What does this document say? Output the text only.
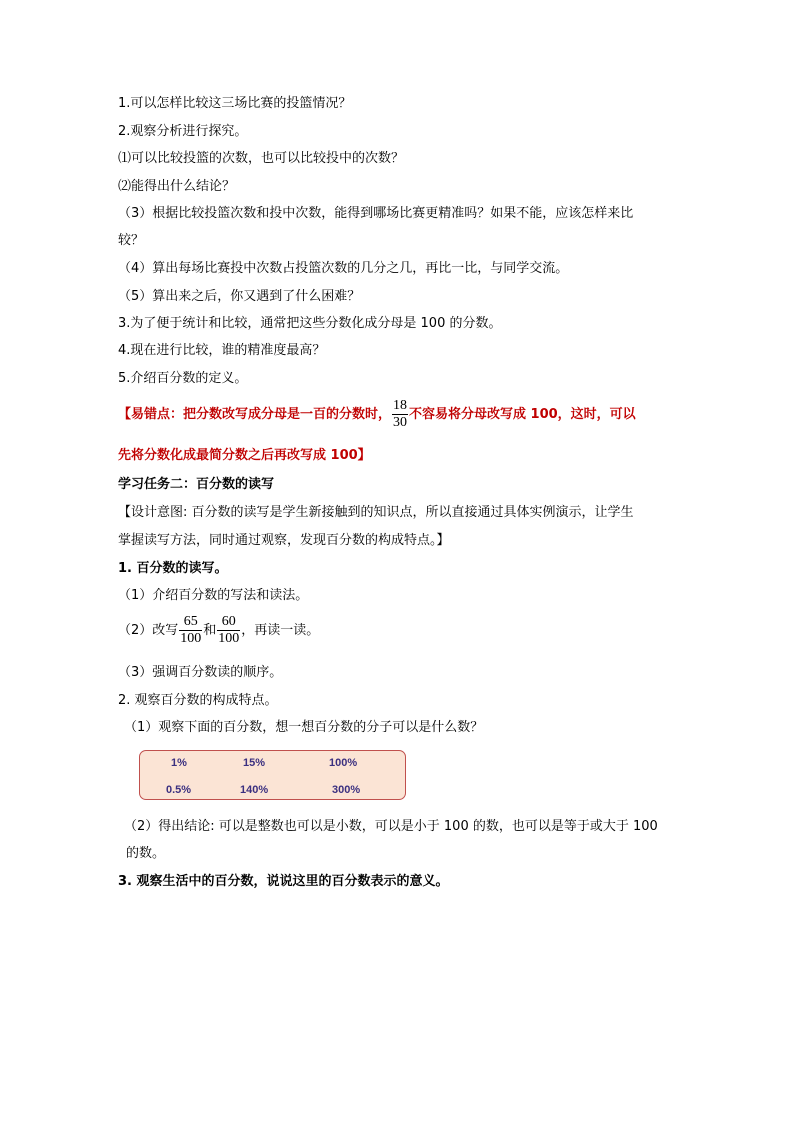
1.可以怎样比较这三场比赛的投篮情况？
2.观察分析进行探究。
⑴可以比较投篮的次数，也可以比较投中的次数？
⑵能得出什么结论？
（3）根据比较投篮次数和投中次数，能得到哪场比赛更精准吗？如果不能，应该怎样来比
较？
（4）算出每场比赛投中次数占投篮次数的几分之几，再比一比，与同学交流。
（5）算出来之后，你又遇到了什么困难？
3.为了便于统计和比较，通常把这些分数化成分母是 100 的分数。
4.现在进行比较，谁的精准度最高？
5.介绍百分数的定义。
【易错点：把分数改写成分母是一百的分数时， $\frac{18}{30}$ 不容易将分母改写成 100，这时，可以
先将分数化成最简分数之后再改写成 100】
学习任务二：百分数的读写
【设计意图: 百分数的读写是学生新接触到的知识点，所以直接通过具体实例演示，让学生
掌握读写方法，同时通过观察，发现百分数的构成特点。】
1. 百分数的读写。
（1）介绍百分数的写法和读法。
（2）改写 $\frac{65}{100}$ 和 $\frac{60}{100}$ ，再读一读。
（3）强调百分数读的顺序。
2. 观察百分数的构成特点。
（1）观察下面的百分数，想一想百分数的分子可以是什么数？
1%	15%	100%
0.5%	140%	300%
（2）得出结论: 可以是整数也可以是小数，可以是小于 100 的数，也可以是等于或大于 100
的数。
3. 观察生活中的百分数，说说这里的百分数表示的意义。
